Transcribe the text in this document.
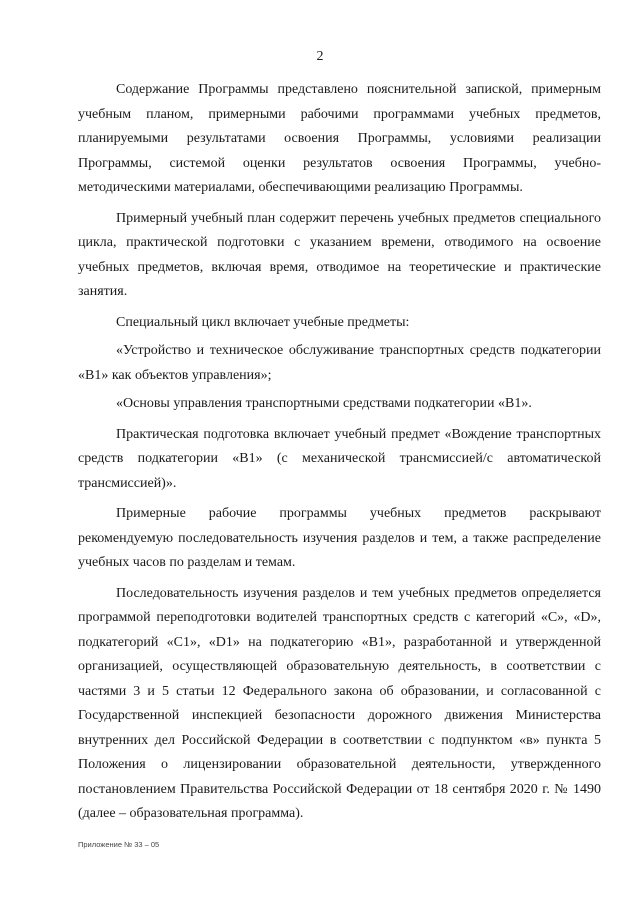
2

Содержание Программы представлено пояснительной запиской, примерным учебным планом, примерными рабочими программами учебных предметов, планируемыми результатами освоения Программы, условиями реализации Программы, системой оценки результатов освоения Программы, учебно-методическими материалами, обеспечивающими реализацию Программы.

Примерный учебный план содержит перечень учебных предметов специального цикла, практической подготовки с указанием времени, отводимого на освоение учебных предметов, включая время, отводимое на теоретические и практические занятия.

Специальный цикл включает учебные предметы:

«Устройство и техническое обслуживание транспортных средств подкатегории «B1» как объектов управления»;

«Основы управления транспортными средствами подкатегории «B1».

Практическая подготовка включает учебный предмет «Вождение транспортных средств подкатегории «B1» (с механической трансмиссией/с автоматической трансмиссией)».

Примерные рабочие программы учебных предметов раскрывают рекомендуемую последовательность изучения разделов и тем, а также распределение учебных часов по разделам и темам.

Последовательность изучения разделов и тем учебных предметов определяется программой переподготовки водителей транспортных средств с категорий «C», «D», подкатегорий «C1», «D1» на подкатегорию «B1», разработанной и утвержденной организацией, осуществляющей образовательную деятельность, в соответствии с частями 3 и 5 статьи 12 Федерального закона об образовании, и согласованной с Государственной инспекцией безопасности дорожного движения Министерства внутренних дел Российской Федерации в соответствии с подпунктом «в» пункта 5 Положения о лицензировании образовательной деятельности, утвержденного постановлением Правительства Российской Федерации от 18 сентября 2020 г. № 1490 (далее – образовательная программа).

Приложение № 33 – 05
